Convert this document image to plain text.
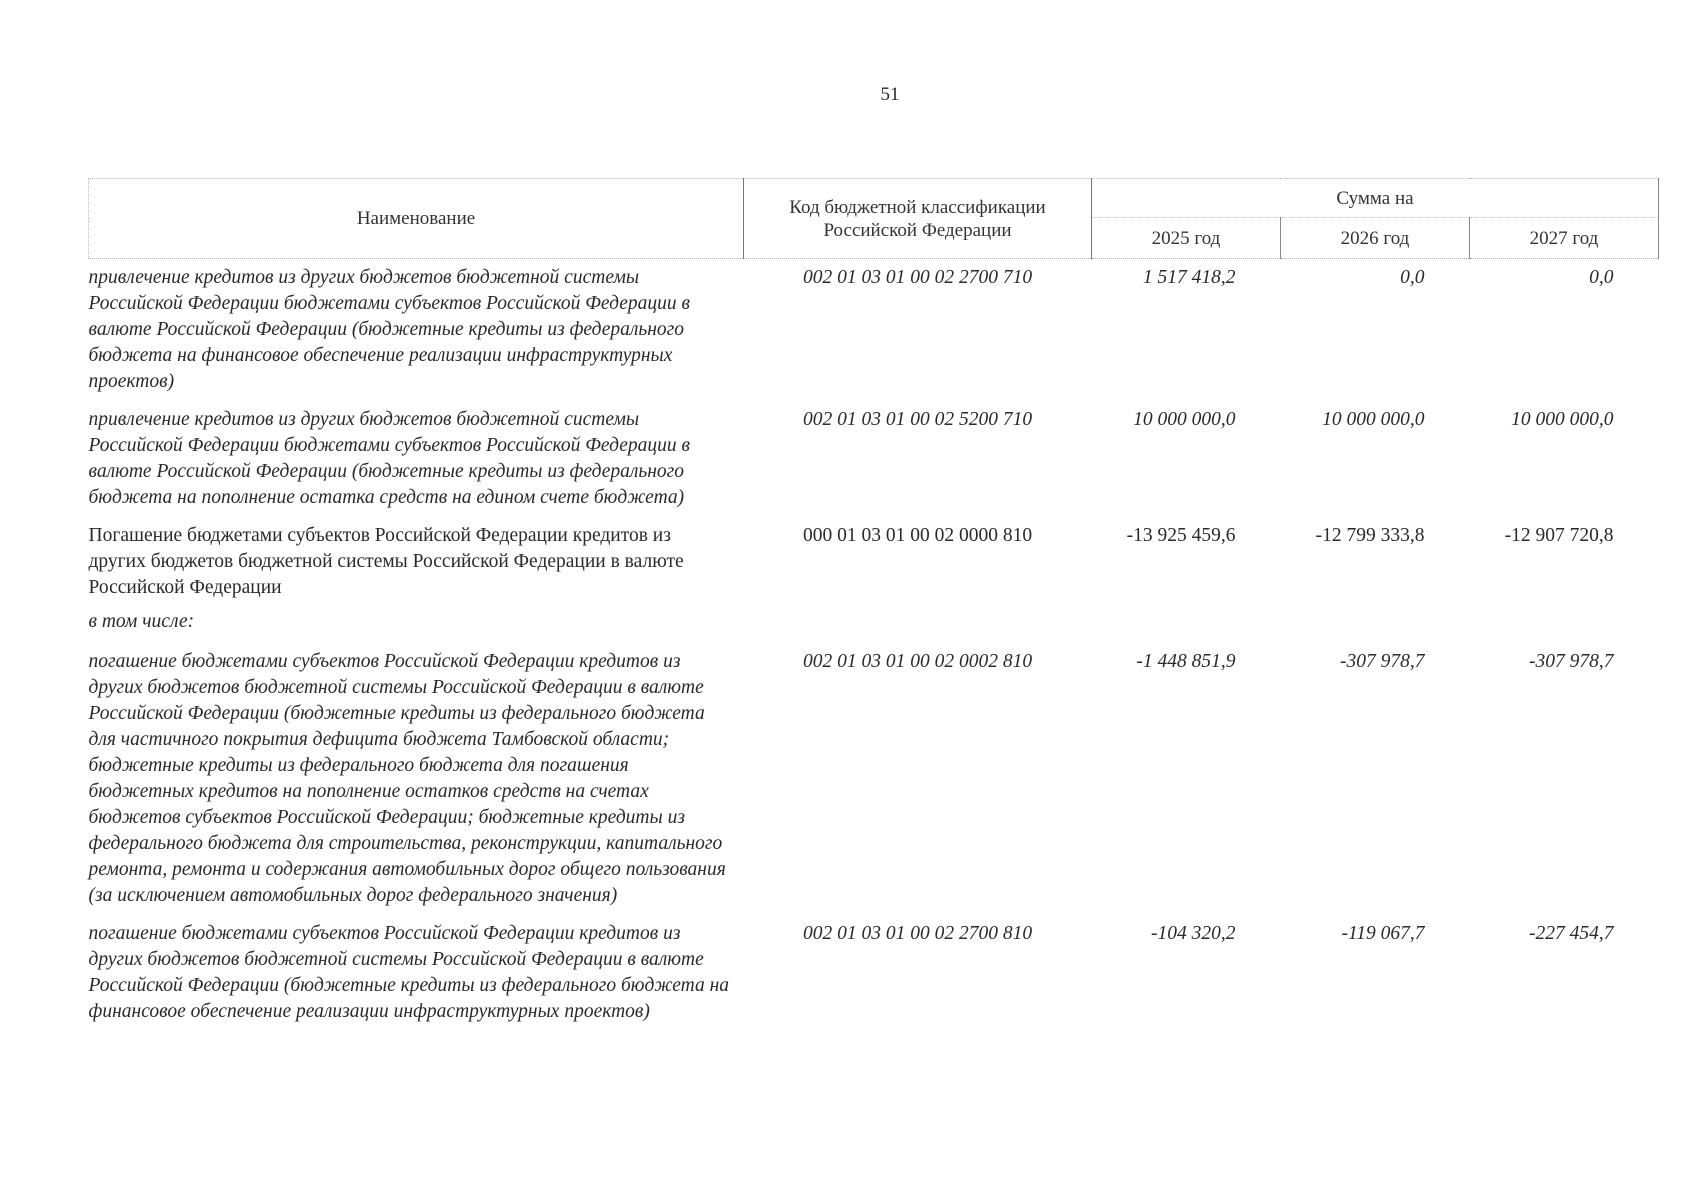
51
Наименование	Код бюджетной классификации Российской Федерации	Сумма на		
		2025 год	2026 год	2027 год
привлечение кредитов из других бюджетов бюджетной системы Российской Федерации бюджетами субъектов Российской Федерации в валюте Российской Федерации (бюджетные кредиты из федерального бюджета на финансовое обеспечение реализации инфраструктурных проектов)	002 01 03 01 00 02 2700 710	1 517 418,2	0,0	0,0
привлечение кредитов из других бюджетов бюджетной системы Российской Федерации бюджетами субъектов Российской Федерации в валюте Российской Федерации (бюджетные кредиты из федерального бюджета на пополнение остатка средств на едином счете бюджета)	002 01 03 01 00 02 5200 710	10 000 000,0	10 000 000,0	10 000 000,0
Погашение бюджетами субъектов Российской Федерации кредитов из других бюджетов бюджетной системы Российской Федерации в валюте Российской Федерации	000 01 03 01 00 02 0000 810	-13 925 459,6	-12 799 333,8	-12 907 720,8
в том числе:				
погашение бюджетами субъектов Российской Федерации кредитов из других бюджетов бюджетной системы Российской Федерации в валюте Российской Федерации (бюджетные кредиты из федерального бюджета для частичного покрытия дефицита бюджета Тамбовской области; бюджетные кредиты из федерального бюджета для погашения бюджетных кредитов на пополнение остатков средств на счетах бюджетов субъектов Российской Федерации; бюджетные кредиты из федерального бюджета для строительства, реконструкции, капитального ремонта, ремонта и содержания автомобильных дорог общего пользования (за исключением автомобильных дорог федерального значения)	002 01 03 01 00 02 0002 810	-1 448 851,9	-307 978,7	-307 978,7
погашение бюджетами субъектов Российской Федерации кредитов из других бюджетов бюджетной системы Российской Федерации в валюте Российской Федерации (бюджетные кредиты из федерального бюджета на финансовое обеспечение реализации инфраструктурных проектов)	002 01 03 01 00 02 2700 810	-104 320,2	-119 067,7	-227 454,7
